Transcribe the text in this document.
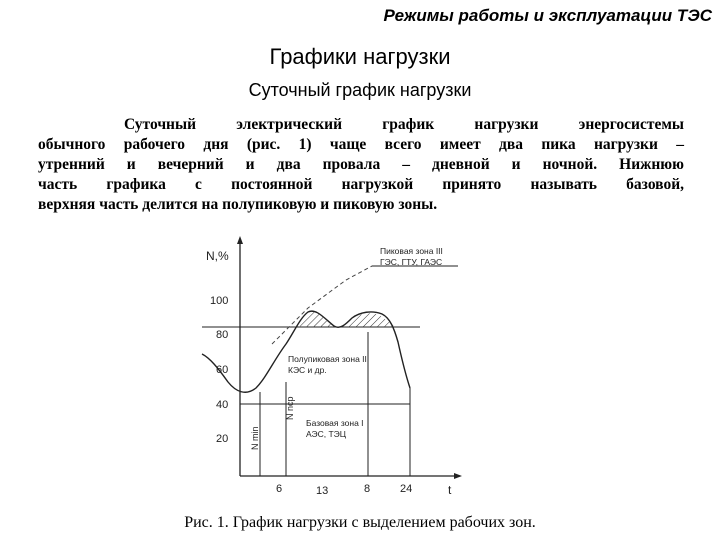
Режимы работы и эксплуатации ТЭС
Графики нагрузки
Суточный график нагрузки
Суточный электрический график нагрузки энергосистемы
обычного рабочего дня (рис. 1) чаще всего имеет два пика нагрузки –
утренний и вечерний и два провала – дневной и ночной. Нижнюю
часть графика с постоянной нагрузкой принято называть базовой,
верхняя часть делится на полупиковую и пиковую зоны.
N,%
t
100
80
60
40
20 N min
N ncp
6	13	8	24
Пиковая зона III
ГЭС, ГТУ, ГАЭС
Полупиковая зона II
КЭС и др.
Базовая зона I
АЭС, ТЭЦ
Рис. 1. График нагрузки с выделением рабочих зон.
